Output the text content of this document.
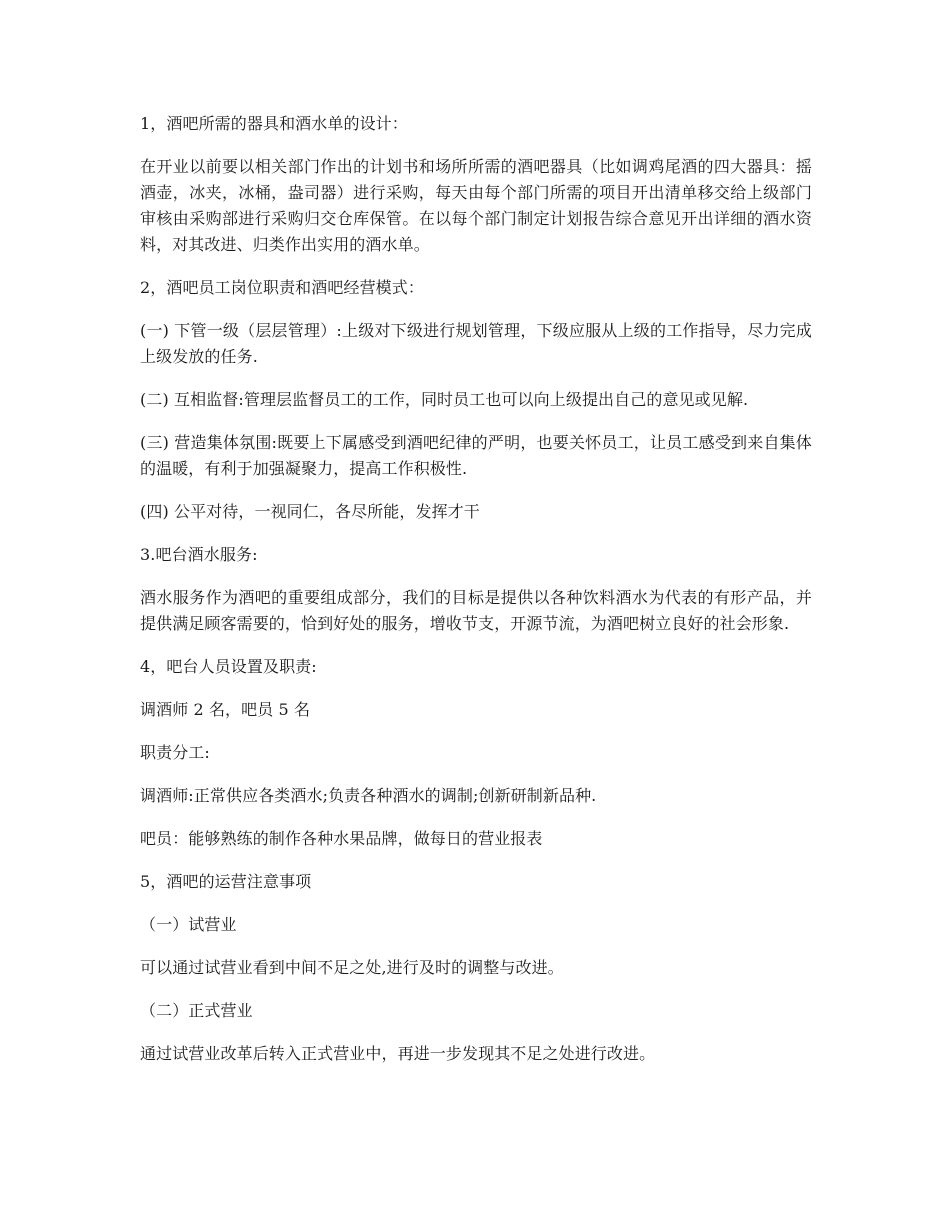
1，酒吧所需的器具和酒水单的设计：

在开业以前要以相关部门作出的计划书和场所所需的酒吧器具（比如调鸡尾酒的四大器具：摇酒壶，冰夹，冰桶，盎司器）进行采购，每天由每个部门所需的项目开出清单移交给上级部门审核由采购部进行采购归交仓库保管。在以每个部门制定计划报告综合意见开出详细的酒水资料，对其改进、归类作出实用的酒水单。

2，酒吧员工岗位职责和酒吧经营模式：

(一) 下管一级（层层管理）:上级对下级进行规划管理，下级应服从上级的工作指导，尽力完成上级发放的任务.

(二) 互相监督:管理层监督员工的工作，同时员工也可以向上级提出自己的意见或见解.

(三) 营造集体氛围:既要上下属感受到酒吧纪律的严明，也要关怀员工，让员工感受到来自集体的温暖，有利于加强凝聚力，提高工作积极性.

(四) 公平对待，一视同仁，各尽所能，发挥才干

3.吧台酒水服务:

酒水服务作为酒吧的重要组成部分，我们的目标是提供以各种饮料酒水为代表的有形产品，并提供满足顾客需要的，恰到好处的服务，增收节支，开源节流，为酒吧树立良好的社会形象.

4，吧台人员设置及职责:

调酒师 2 名，吧员 5 名

职责分工:

调酒师:正常供应各类酒水;负责各种酒水的调制;创新研制新品种.

吧员：能够熟练的制作各种水果品牌，做每日的营业报表

5，酒吧的运营注意事项

（一）试营业

可以通过试营业看到中间不足之处,进行及时的调整与改进。

（二）正式营业

通过试营业改革后转入正式营业中，再进一步发现其不足之处进行改进。
